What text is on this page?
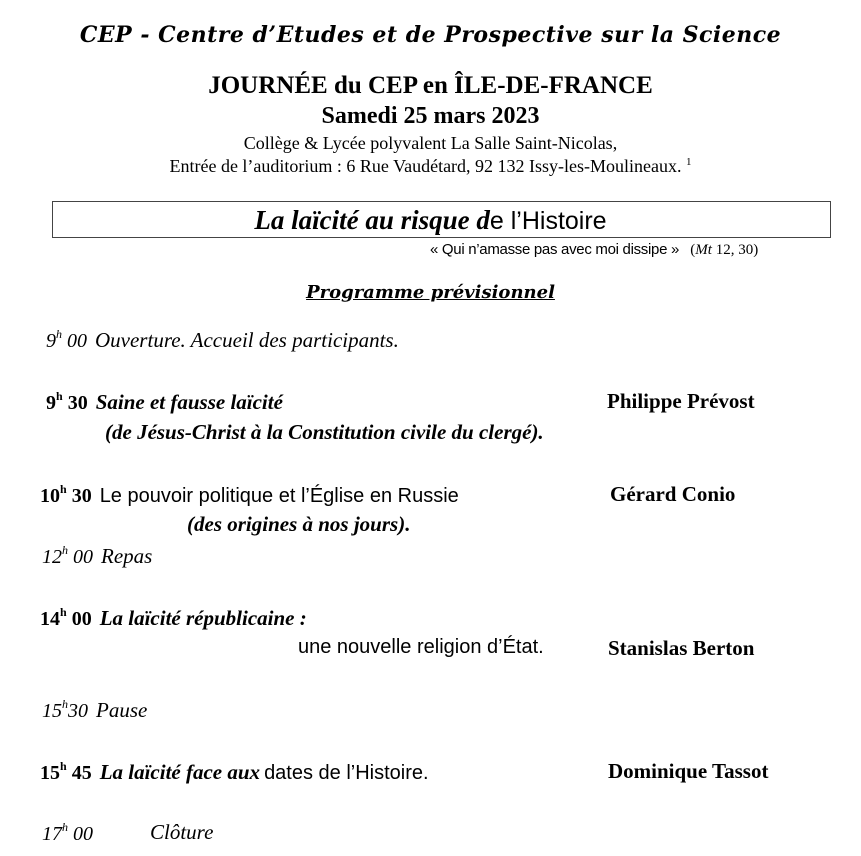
CEP - Centre d’Etudes et de Prospective sur la Science
JOURNÉE du CEP en ÎLE-DE-FRANCE
Samedi 25 mars 2023
Collège & Lycée polyvalent La Salle Saint-Nicolas,
Entrée de l’auditorium : 6 Rue Vaudétard, 92 132 Issy-les-Moulineaux. $^1$
La laïcité au risque de l’Histoire
« Qui n’amasse pas avec moi dissipe » (Mt 12, 30)
Programme prévisionnel
9$^h$ 00 Ouverture. Accueil des participants.
9$^h$ 30 Saine et fausse laïcité	Philippe Prévost
(de Jésus-Christ à la Constitution civile du clergé).
10$^h$ 30 Le pouvoir politique et l’Église en Russie	Gérard Conio
(des origines à nos jours).
12$^h$ 00 Repas
14$^h$ 00 La laïcité républicaine :
une nouvelle religion d’État.	Stanislas Berton
15$^h$30 Pause
15$^h$ 45 La laïcité face aux dates de l’Histoire.	Dominique Tassot
17$^h$ 00	Clôture
